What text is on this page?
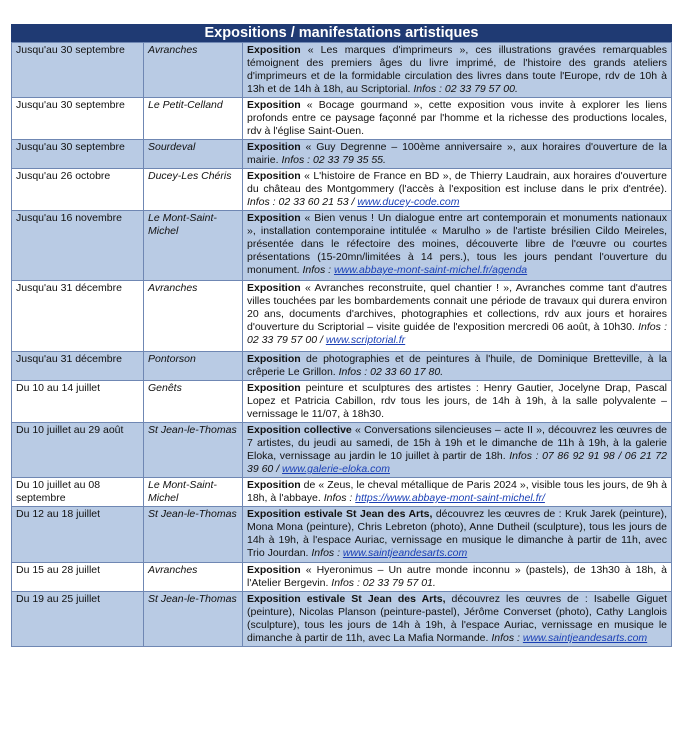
Expositions / manifestations artistiques
Jusqu'au 30 septembre	Avranches	Exposition « Les marques d'imprimeurs », ces illustrations gravées remarquables témoignent des premiers âges du livre imprimé, de l'histoire des grands ateliers d'imprimeurs et de la formidable circulation des livres dans toute l'Europe, rdv de 10h à 13h et de 14h à 18h, au Scriptorial. Infos : 02 33 79 57 00.
Jusqu'au 30 septembre	Le Petit-Celland	Exposition « Bocage gourmand », cette exposition vous invite à explorer les liens profonds entre ce paysage façonné par l'homme et la richesse des productions locales, rdv à l'église Saint-Ouen.
Jusqu'au 30 septembre	Sourdeval	Exposition « Guy Degrenne – 100ème anniversaire », aux horaires d'ouverture de la mairie. Infos : 02 33 79 35 55.
Jusqu'au 26 octobre	Ducey-Les Chéris	Exposition « L'histoire de France en BD », de Thierry Laudrain, aux horaires d'ouverture du château des Montgommery (l'accès à l'exposition est incluse dans le prix d'entrée). Infos : 02 33 60 21 53 / www.ducey-code.com
Jusqu'au 16 novembre	Le Mont-Saint-Michel	Exposition « Bien venus ! Un dialogue entre art contemporain et monuments nationaux », installation contemporaine intitulée « Marulho » de l'artiste brésilien Cildo Meireles, présentée dans le réfectoire des moines, découverte libre de l'œuvre ou courtes présentations (15-20mn/limitées à 14 pers.), tous les jours pendant l'ouverture du monument. Infos : www.abbaye-mont-saint-michel.fr/agenda
Jusqu'au 31 décembre	Avranches	Exposition « Avranches reconstruite, quel chantier ! », Avranches comme tant d'autres villes touchées par les bombardements connait une période de travaux qui durera environ 20 ans, documents d'archives, photographies et collections, rdv aux jours et horaires d'ouverture du Scriptorial – visite guidée de l'exposition mercredi 06 août, à 10h30. Infos : 02 33 79 57 00 / www.scriptorial.fr
Jusqu'au 31 décembre	Pontorson	Exposition de photographies et de peintures à l'huile, de Dominique Bretteville, à la crêperie Le Grillon. Infos : 02 33 60 17 80.
Du 10 au 14 juillet	Genêts	Exposition peinture et sculptures des artistes : Henry Gautier, Jocelyne Drap, Pascal Lopez et Patricia Cabillon, rdv tous les jours, de 14h à 19h, à la salle polyvalente – vernissage le 11/07, à 18h30.
Du 10 juillet au 29 août	St Jean-le-Thomas	Exposition collective « Conversations silencieuses – acte II », découvrez les œuvres de 7 artistes, du jeudi au samedi, de 15h à 19h et le dimanche de 11h à 19h, à la galerie Eloka, vernissage au jardin le 10 juillet à partir de 18h. Infos : 07 86 92 91 98 / 06 21 72 39 60 / www.galerie-eloka.com
Du 10 juillet au 08 septembre	Le Mont-Saint-Michel	Exposition de « Zeus, le cheval métallique de Paris 2024 », visible tous les jours, de 9h à 18h, à l'abbaye. Infos : https://www.abbaye-mont-saint-michel.fr/
Du 12 au 18 juillet	St Jean-le-Thomas	Exposition estivale St Jean des Arts, découvrez les œuvres de : Kruk Jarek (peinture), Mona Mona (peinture), Chris Lebreton (photo), Anne Dutheil (sculpture), tous les jours de 14h à 19h, à l'espace Auriac, vernissage en musique le dimanche à partir de 11h, avec Trio Jourdan. Infos : www.saintjeandesarts.com
Du 15 au 28 juillet	Avranches	Exposition « Hyeronimus – Un autre monde inconnu » (pastels), de 13h30 à 18h, à l'Atelier Bergevin. Infos : 02 33 79 57 01.
Du 19 au 25 juillet	St Jean-le-Thomas	Exposition estivale St Jean des Arts, découvrez les œuvres de : Isabelle Giguet (peinture), Nicolas Planson (peinture-pastel), Jérôme Converset (photo), Cathy Langlois (sculpture), tous les jours de 14h à 19h, à l'espace Auriac, vernissage en musique le dimanche à partir de 11h, avec La Mafia Normande. Infos : www.saintjeandesarts.com
